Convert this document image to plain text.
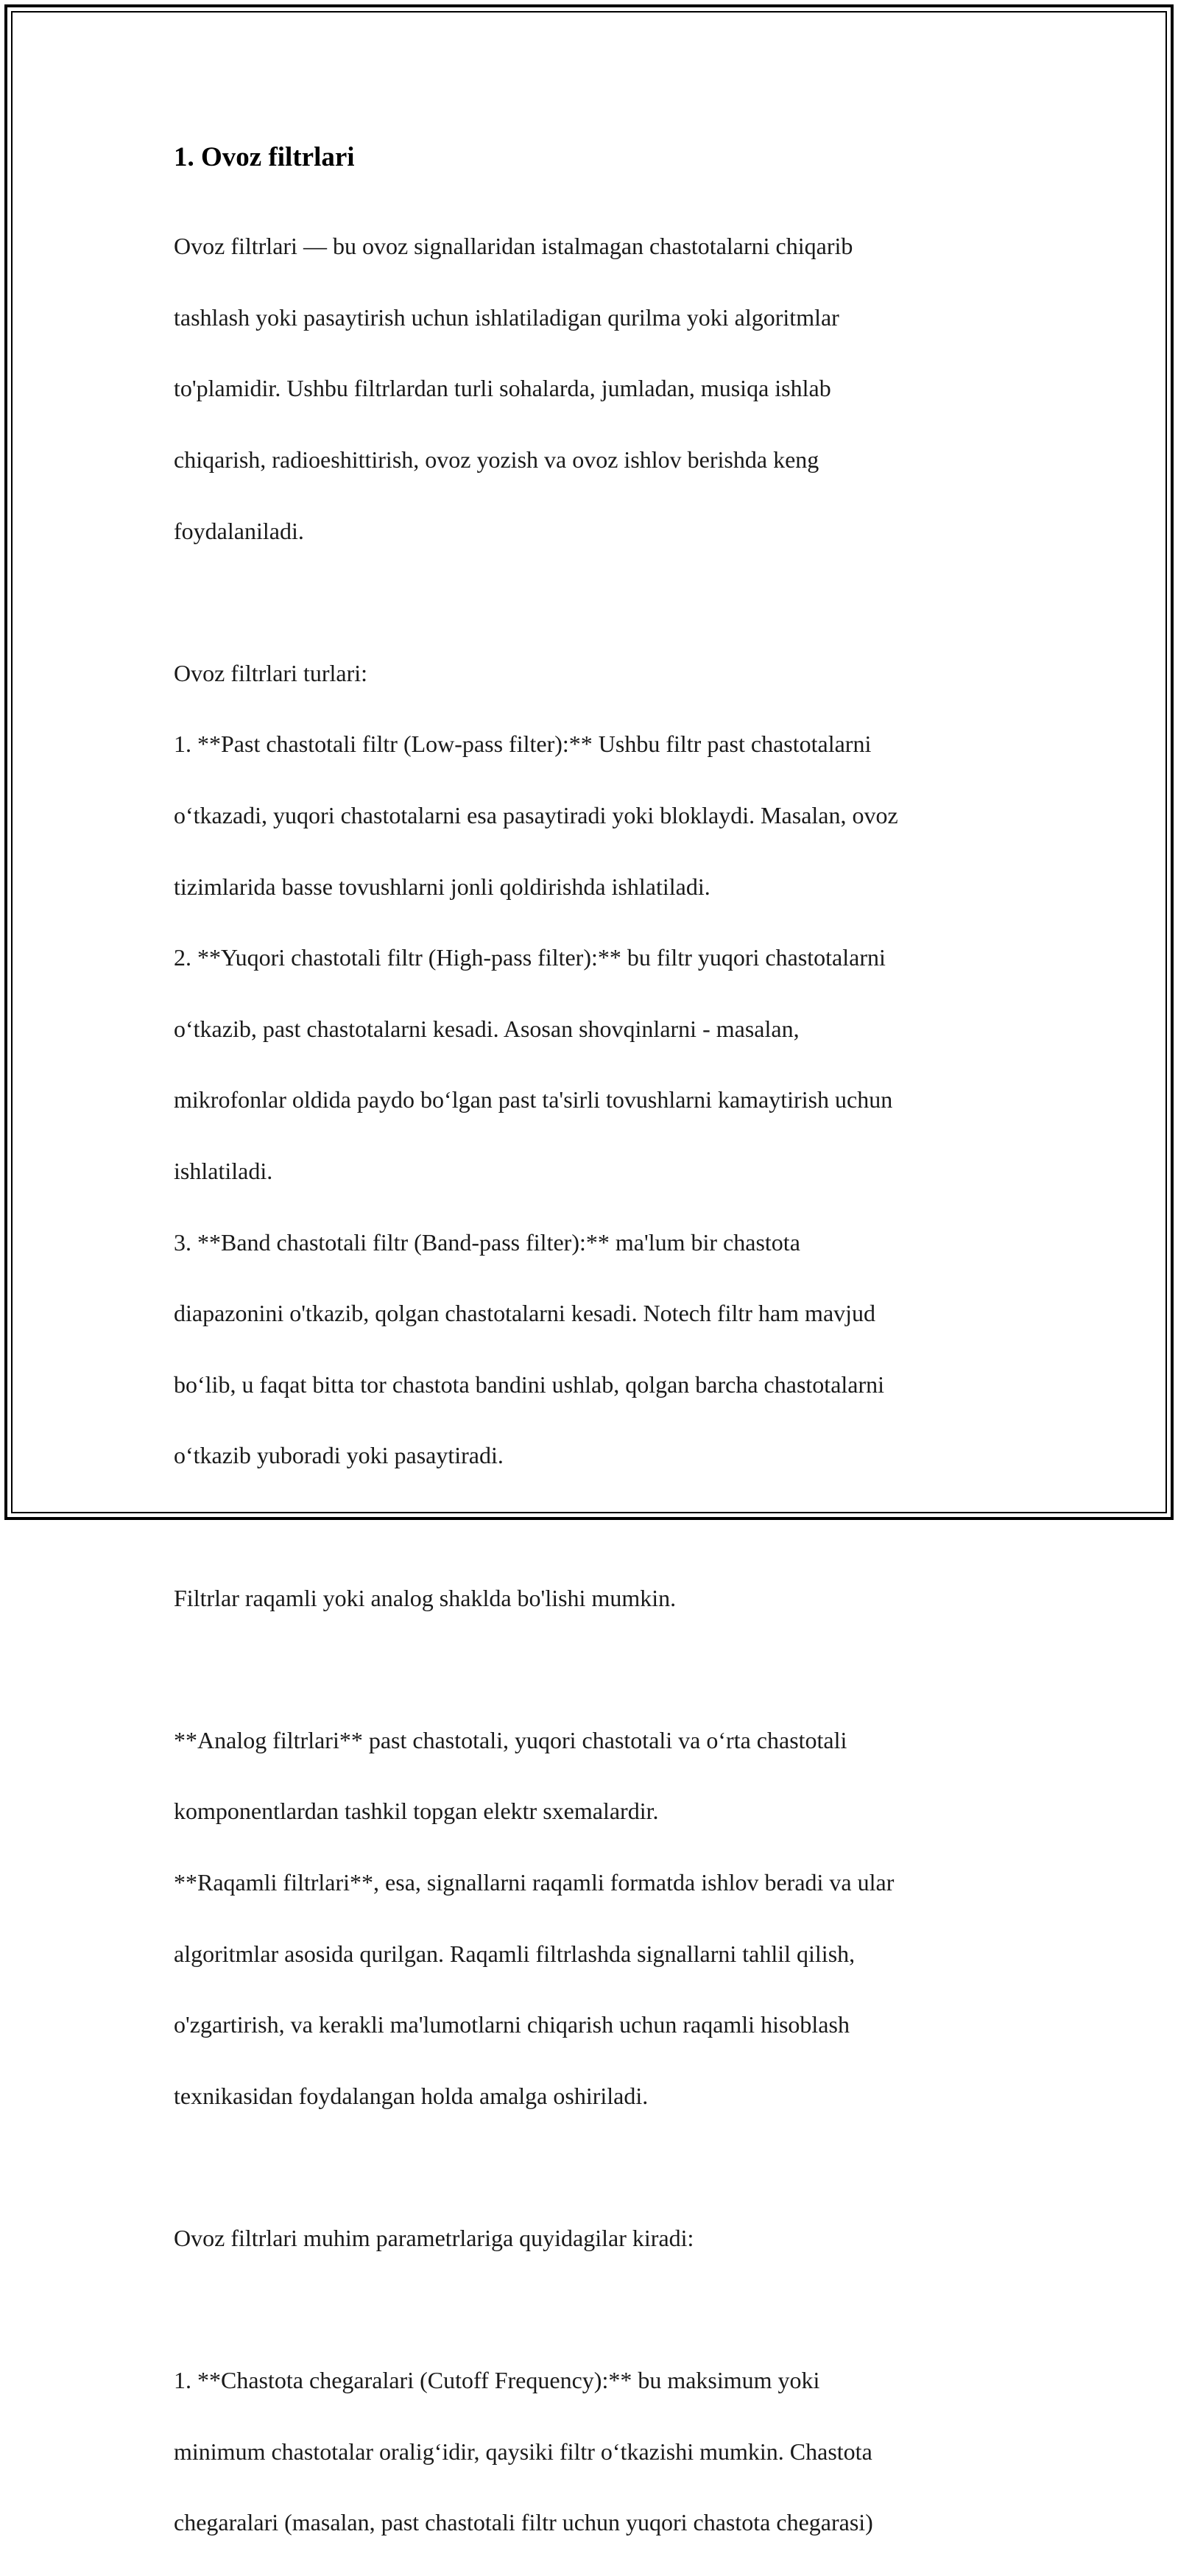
1. Ovoz filtrlari

Ovoz filtrlari — bu ovoz signallaridan istalmagan chastotalarni chiqarib

tashlash yoki pasaytirish uchun ishlatiladigan qurilma yoki algoritmlar

to'plamidir. Ushbu filtrlardan turli sohalarda, jumladan, musiqa ishlab

chiqarish, radioeshittirish, ovoz yozish va ovoz ishlov berishda keng

foydalaniladi.

Ovoz filtrlari turlari:

1. **Past chastotali filtr (Low-pass filter):** Ushbu filtr past chastotalarni

o‘tkazadi, yuqori chastotalarni esa pasaytiradi yoki bloklaydi. Masalan, ovoz

tizimlarida basse tovushlarni jonli qoldirishda ishlatiladi.

2. **Yuqori chastotali filtr (High-pass filter):** bu filtr yuqori chastotalarni

o‘tkazib, past chastotalarni kesadi. Asosan shovqinlarni - masalan,

mikrofonlar oldida paydo bo‘lgan past ta'sirli tovushlarni kamaytirish uchun

ishlatiladi.

3. **Band chastotali filtr (Band-pass filter):** ma'lum bir chastota

diapazonini o'tkazib, qolgan chastotalarni kesadi. Notech filtr ham mavjud

bo‘lib, u faqat bitta tor chastota bandini ushlab, qolgan barcha chastotalarni

o‘tkazib yuboradi yoki pasaytiradi.

Filtrlar raqamli yoki analog shakldа bo'lishi mumkin.

**Analog filtrlari** past chastotali, yuqori chastotali va o‘rta chastotali

komponentlardan tashkil topgan elektr sxemalardir.

**Raqamli filtrlari**, esa, signallarni raqamli formatda ishlov beradi va ular

algoritmlar asosida qurilgan. Raqamli filtrlashda signallarni tahlil qilish,

o'zgartirish, va kerakli ma'lumotlarni chiqarish uchun raqamli hisoblash

texnikasidan foydalangan holda amalga oshiriladi.

Ovoz filtrlari muhim parametrlariga quyidagilar kiradi:

1. **Chastota chegaralari (Cutoff Frequency):** bu maksimum yoki

minimum chastotalar oralig‘idir, qaysiki filtr o‘tkazishi mumkin. Chastota

chegaralari (masalan, past chastotali filtr uchun yuqori chastota chegarasi)
